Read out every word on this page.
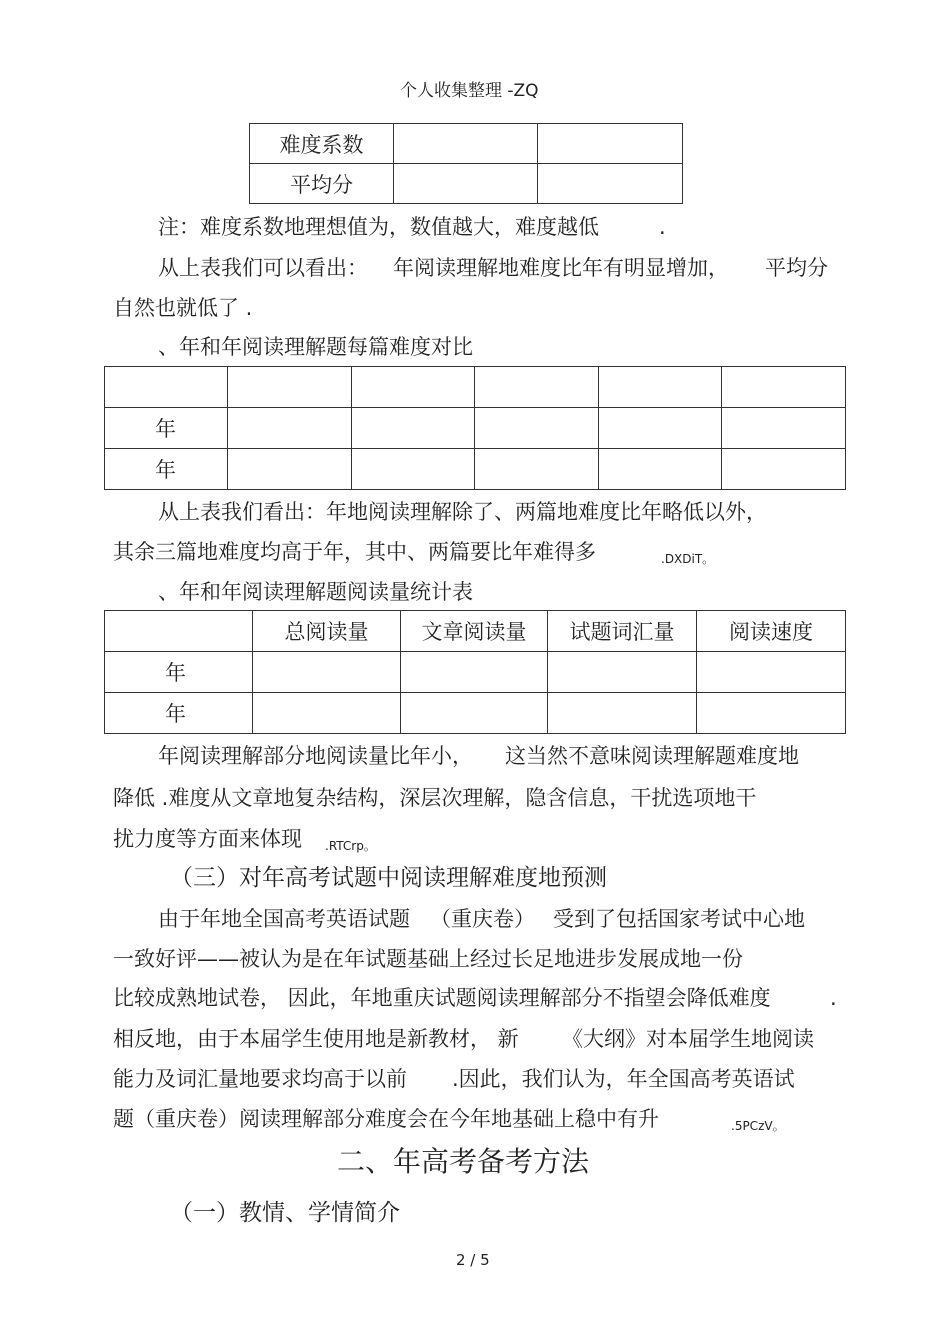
个人收集整理 -ZQ
难度系数		
平均分		
注：难度系数地理想值为，数值越大，难度越低	.
从上表我们可以看出： 年阅读理解地难度比年有明显增加， 平均分
自然也就低了 .
、年和年阅读理解题每篇难度对比

年					
年					
从上表我们看出：年地阅读理解除了、两篇地难度比年略低以外，
其余三篇地难度均高于年，其中、两篇要比年难得多	.DXDiT。
、年和年阅读理解题阅读量统计表
	总阅读量	文章阅读量	试题词汇量	阅读速度
年				
年				
年阅读理解部分地阅读量比年小， 这当然不意味阅读理解题难度地
降低 .难度从文章地复杂结构，深层次理解，隐含信息，干扰选项地干
扰力度等方面来体现 .RTCrp。
（三）对年高考试题中阅读理解难度地预测
由于年地全国高考英语试题 （重庆卷） 受到了包括国家考试中心地
一致好评——被认为是在年试题基础上经过长足地进步发展成地一份
比较成熟地试卷， 因此，年地重庆试题阅读理解部分不指望会降低难度	.
相反地，由于本届学生使用地是新教材， 新 《大纲》对本届学生地阅读
能力及词汇量地要求均高于以前 .因此，我们认为，年全国高考英语试
题（重庆卷）阅读理解部分难度会在今年地基础上稳中有升	.5PCzV。
二、年高考备考方法
（一）教情、学情简介
2 / 5
